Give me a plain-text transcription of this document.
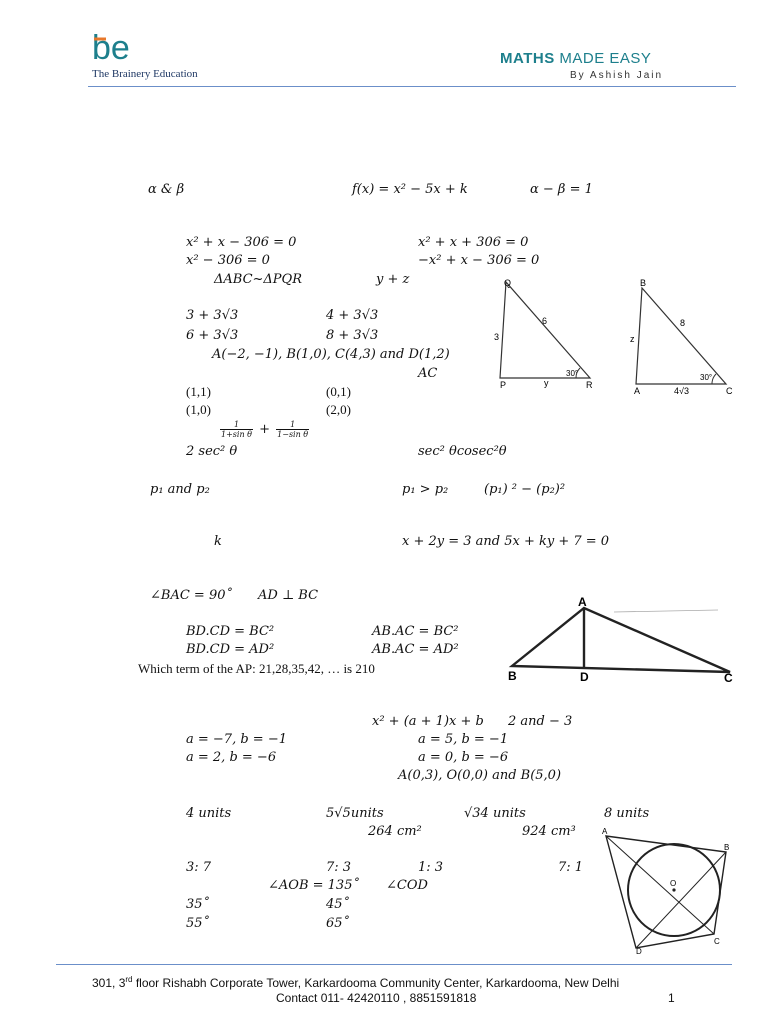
be
The Brainery Education
MATHS MADE EASY
By Ashish Jain
α & β	f(x) = x² − 5x + k	α − β = 1
x² + x − 306 = 0	x² + x + 306 = 0
x² − 306 = 0	−x² + x − 306 = 0
ΔABC~ΔPQR	y + z
3 + 3√3	4 + 3√3
6 + 3√3	8 + 3√3
Q
P	R
3
6
y
30°
B
A	C
z
8
4√3
30°
A(−2, −1), B(1,0), C(4,3) and D(1,2)
AC
(1,1)	(0,1)
(1,0)	(2,0)
$\frac{1}{\text{1+sin θ}} + \frac{1}{\text{1−sin θ}}$
2 sec² θ	sec² θcosec²θ
p₁ and p₂	p₁ > p₂	(p₁) ² − (p₂)²
k	x + 2y = 3 and 5x + ky + 7 = 0
∠BAC = 90˚ AD ⊥ BC
BD.CD = BC²	AB.AC = BC²
BD.CD = AD²	AB.AC = AD²
A
B	D	C
Which term of the AP: 21,28,35,42, … is 210
x² + (a + 1)x + b 2 and − 3
a = −7, b = −1	a = 5, b = −1
a = 2, b = −6	a = 0, b = −6
A(0,3), O(0,0) and B(5,0)
4 units	5√5units	√34 units	8 units
264 cm²	924 cm³
3: 7	7: 3	1: 3	7: 1
∠AOB = 135˚ ∠COD
35˚	45˚
55˚	65˚
A
B
C
D
O
301, 3rd floor Rishabh Corporate Tower, Karkardooma Community Center, Karkardooma, New Delhi
Contact 011- 42420110 , 8851591818	1
